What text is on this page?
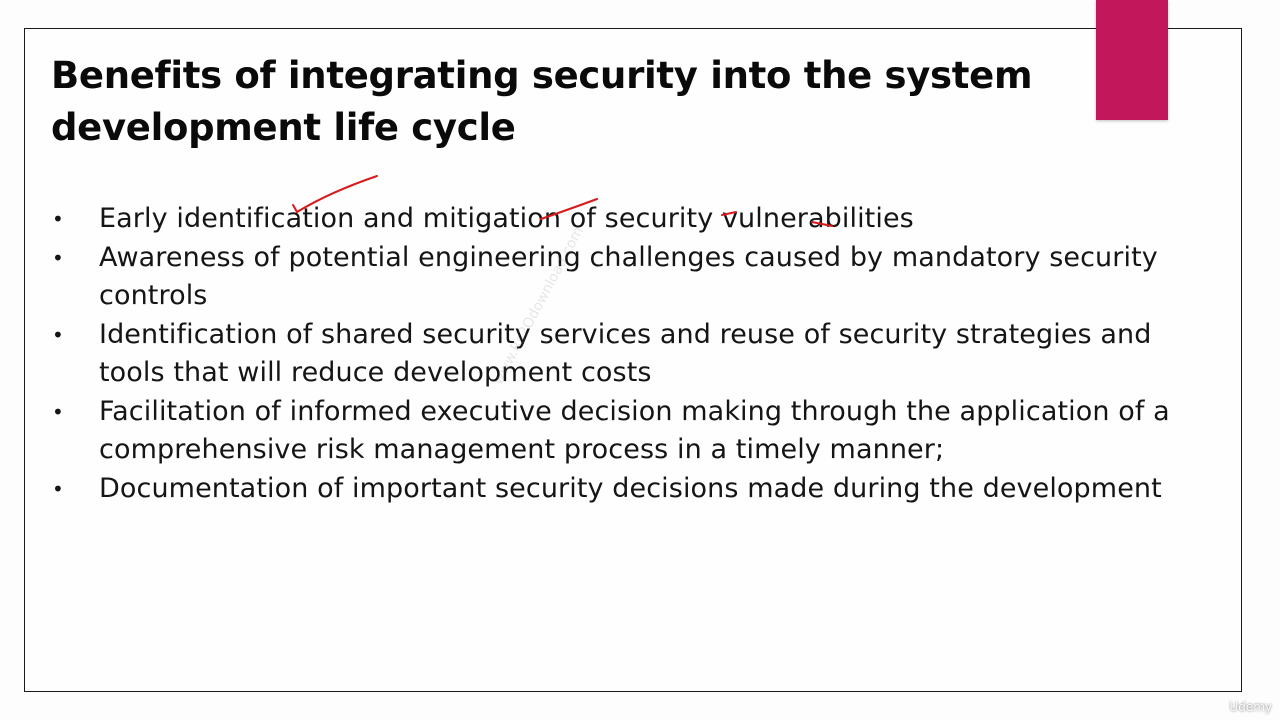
Benefits of integrating security into the system
development life cycle
• Early identification and mitigation of security vulnerabilities
• Awareness of potential engineering challenges caused by mandatory security controls
• Identification of shared security services and reuse of security strategies and tools that will reduce development costs
• Facilitation of informed executive decision making through the application of a comprehensive risk management process in a timely manner;
• Documentation of important security decisions made during the development
www.Rs2Odownload.com
Udemy
